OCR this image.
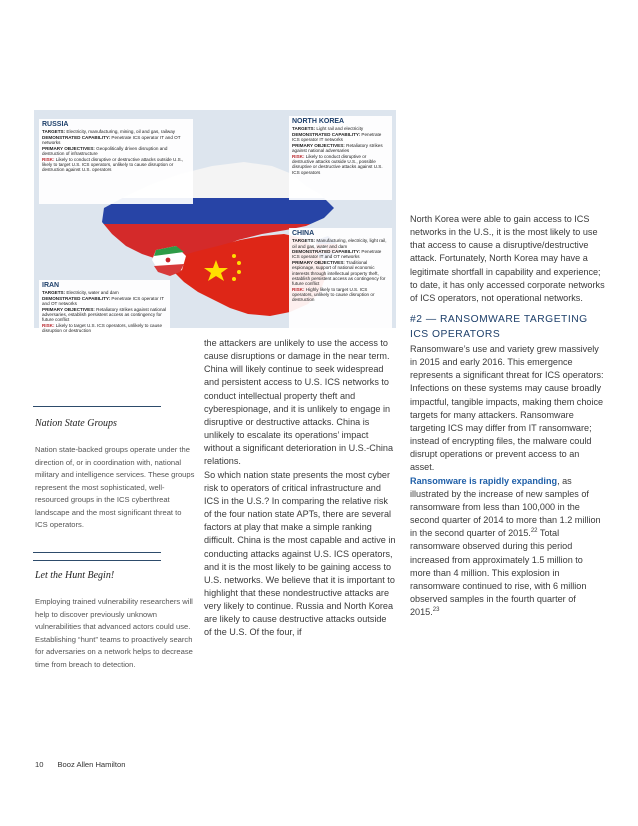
RUSSIA

TARGETS: Electricity, manufacturing, mining, oil and gas, railway

DEMONSTRATED CAPABILITY: Penetrate ICS operator IT and OT networks

PRIMARY OBJECTIVES: Geopolitically driven disruption and destruction of infrastructure

RISK: Likely to conduct disruptive or destructive attacks outside U.S., likely to target U.S. ICS operators, unlikely to cause disruption or destruction against U.S. operators

NORTH KOREA

TARGETS: Light rail and electricity

DEMONSTRATED CAPABILITY: Penetrate ICS operator IT networks

PRIMARY OBJECTIVES: Retaliatory strikes against national adversaries

RISK: Likely to conduct disruptive or destructive attacks outside U.S., possible disruptive or destructive attacks against U.S. ICS operators

IRAN

TARGETS: Electricity, water and dam

DEMONSTRATED CAPABILITY: Penetrate ICS operator IT and OT networks

PRIMARY OBJECTIVES: Retaliatory strikes against national adversaries, establish persistent access as contingency for future conflict

RISK: Likely to target U.S. ICS operators, unlikely to cause disruption or destruction

CHINA

TARGETS: Manufacturing, electricity, light rail, oil and gas, water and dam

DEMONSTRATED CAPABILITY: Penetrate ICS operator IT and OT networks

PRIMARY OBJECTIVES: Traditional espionage, support of national economic interests through intellectual property theft, establish persistent access as contingency for future conflict

RISK: Highly likely to target U.S. ICS operators, unlikely to cause disruption or destruction

Nation State Groups
Nation state-backed groups operate under the direction of, or in coordination with, national military and intelligence services. These groups represent the most sophisticated, well-resourced groups in the ICS cyberthreat landscape and the most significant threat to ICS operators.
Let the Hunt Begin!
Employing trained vulnerability researchers will help to discover previously unknown vulnerabilities that advanced actors could use. Establishing “hunt” teams to proactively search for adversaries on a network helps to decrease time from breach to detection.

the attackers are unlikely to use the access to cause disruptions or damage in the near term. China will likely continue to seek widespread and persistent access to U.S. ICS networks to conduct intellectual property theft and cyberespionage, and it is unlikely to engage in disruptive or destructive attacks. China is unlikely to escalate its operations’ impact without a significant deterioration in U.S.-China relations.

So which nation state presents the most cyber risk to operators of critical infrastructure and ICS in the U.S.? In comparing the relative risk of the four nation state APTs, there are several factors at play that make a simple ranking difficult. China is the most capable and active in conducting attacks against U.S. ICS operators, and it is the most likely to be gaining access to U.S. networks. We believe that it is important to highlight that these nondestructive attacks are very likely to continue. Russia and North Korea are likely to cause destructive attacks outside of the U.S. Of the four, if

North Korea were able to gain access to ICS networks in the U.S., it is the most likely to use that access to cause a disruptive/destructive attack. Fortunately, North Korea may have a legitimate shortfall in capability and experience; to date, it has only accessed corporate networks of ICS operators, not operational networks.

#2 — RANSOMWARE TARGETING ICS OPERATORS

Ransomware’s use and variety grew massively in 2015 and early 2016. This emergence represents a significant threat for ICS operators: Infections on these systems may cause broadly impactful, tangible impacts, making them choice targets for many attackers. Ransomware targeting ICS may differ from IT ransomware; instead of encrypting files, the malware could disrupt operations or prevent access to an asset.

Ransomware is rapidly expanding, as illustrated by the increase of new samples of ransomware from less than 100,000 in the second quarter of 2014 to more than 1.2 million in the second quarter of 2015.22 Total ransomware observed during this period increased from approximately 1.5 million to more than 4 million. This explosion in ransomware continued to rise, with 6 million observed samples in the fourth quarter of 2015.23

10 Booz Allen Hamilton
